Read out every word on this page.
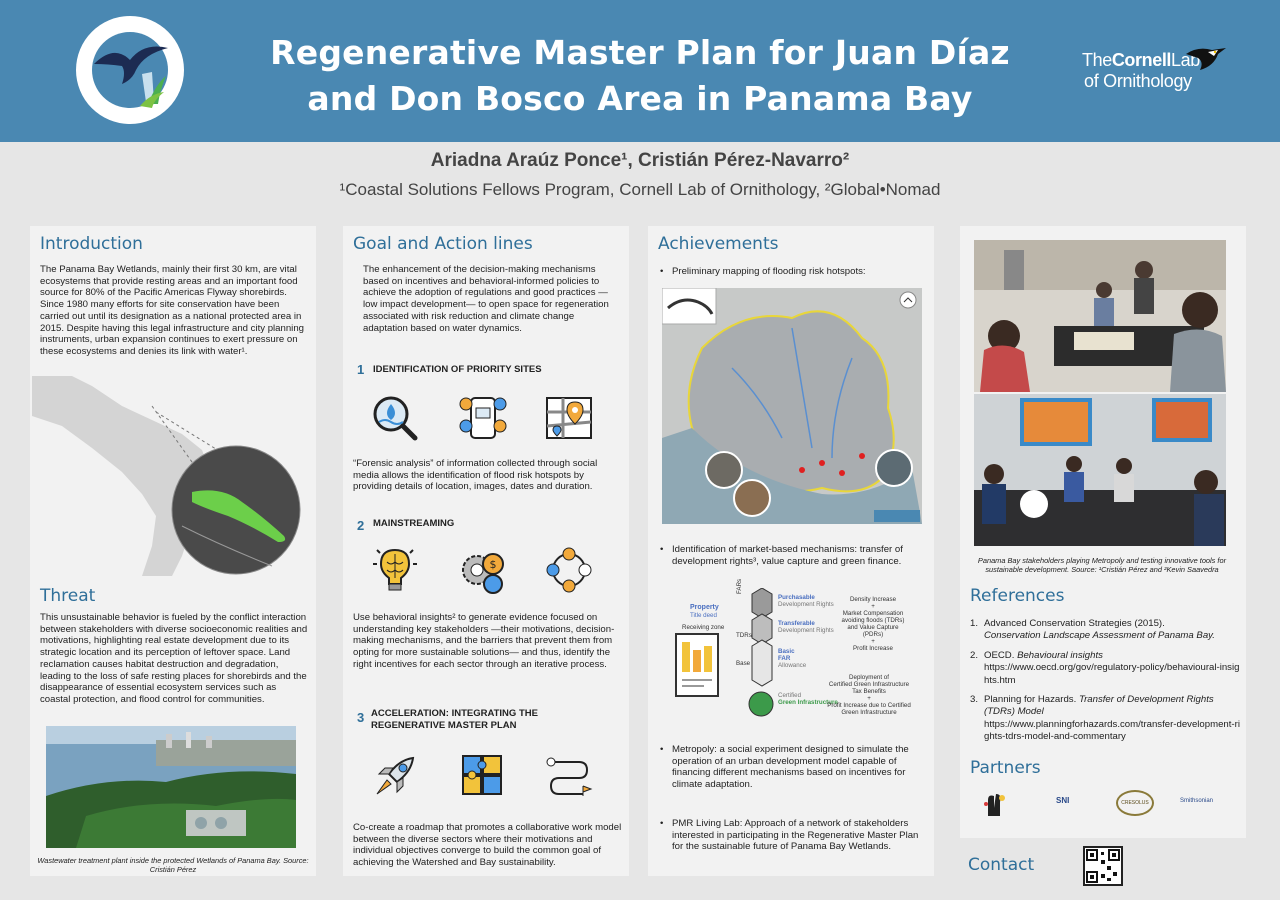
Regenerative Master Plan for Juan Díaz and Don Bosco Area in Panama Bay
TheCornellLab
of Ornithology
Ariadna Araúz Ponce¹, Cristián Pérez-Navarro²
¹Coastal Solutions Fellows Program, Cornell Lab of Ornithology, ²Global•Nomad
Introduction
The Panama Bay Wetlands, mainly their first 30 km, are vital ecosystems that provide resting areas and an important food source for 80% of the Pacific Americas Flyway shorebirds. Since 1980 many efforts for site conservation have been carried out until its designation as a national protected area in 2015. Despite having this legal infrastructure and city planning instruments, urban expansion continues to exert pressure on these ecosystems and denies its link with water¹.
Threat
This unsustainable behavior is fueled by the conflict interaction between stakeholders with diverse socioeconomic realities and motivations, highlighting real estate development due to its strategic location and its perception of leftover space. Land reclamation causes habitat destruction and degradation, leading to the loss of safe resting places for shorebirds and the disappearance of essential ecosystem services such as coastal protection, and flood control for communities.
Wastewater treatment plant inside the protected Wetlands of Panama Bay. Source: Cristián Pérez
Goal and Action lines
The enhancement of the decision-making mechanisms based on incentives and behavioral-informed policies to achieve the adoption of regulations and good practices —low impact development— to open space for regeneration associated with risk reduction and climate change adaptation based on water dynamics.
1 IDENTIFICATION OF PRIORITY SITES
“Forensic analysis” of information collected through social media allows the identification of flood risk hotspots by providing details of location, images, dates and duration.
2 MAINSTREAMING
$
Use behavioral insights² to generate evidence focused on understanding key stakeholders —their motivations, decision-making mechanisms, and the barriers that prevent them from opting for more sustainable solutions— and thus, identify the right incentives for each sector through an iterative process.
3 ACCELERATION: INTEGRATING THE REGENERATIVE MASTER PLAN
Co-create a roadmap that promotes a collaborative work model between the diverse sectors where their motivations and individual objectives converge to build the common goal of achieving the Watershed and Bay sustainability.
Achievements
• Preliminary mapping of flooding risk hotspots:
• Identification of market-based mechanisms: transfer of development rights³, value capture and green finance.
Property
Title deed
Receiving zone
FARs
TDRs
Base
Purchasable
Development Rights
Transferable
Development Rights
Basic
FAR
Allowance
Certified
Green Infrastructure
Density Increase
+
Market Compensation
avoiding floods (TDRs)
and Value Capture
(PDRs)
+
Profit Increase
Deployment of
Certified Green Infrastructure
Tax Benefits
+
Profit Increase due to Certified
Green Infrastructure
• Metropoly: a social experiment designed to simulate the operation of an urban development model capable of financing different mechanisms based on incentives for climate adaptation.
• PMR Living Lab: Approach of a network of stakeholders interested in participating in the Regenerative Master Plan for the sustainable future of Panama Bay Wetlands.
Panama Bay stakeholders playing Metropoly and testing innovative tools for sustainable development. Source: ¹Cristián Pérez and ²Kevin Saavedra
References
1. Advanced Conservation Strategies (2015).
Conservation Landscape Assessment of Panama Bay.
2. OECD. Behavioural insights
https://www.oecd.org/gov/regulatory-policy/behavioural-insights.htm
3. Planning for Hazards. Transfer of Development Rights (TDRs) Model
https://www.planningforhazards.com/transfer-development-rights-tdrs-model-and-commentary
Partners
SNI	CRESOLUS	Smithsonian
Contact
